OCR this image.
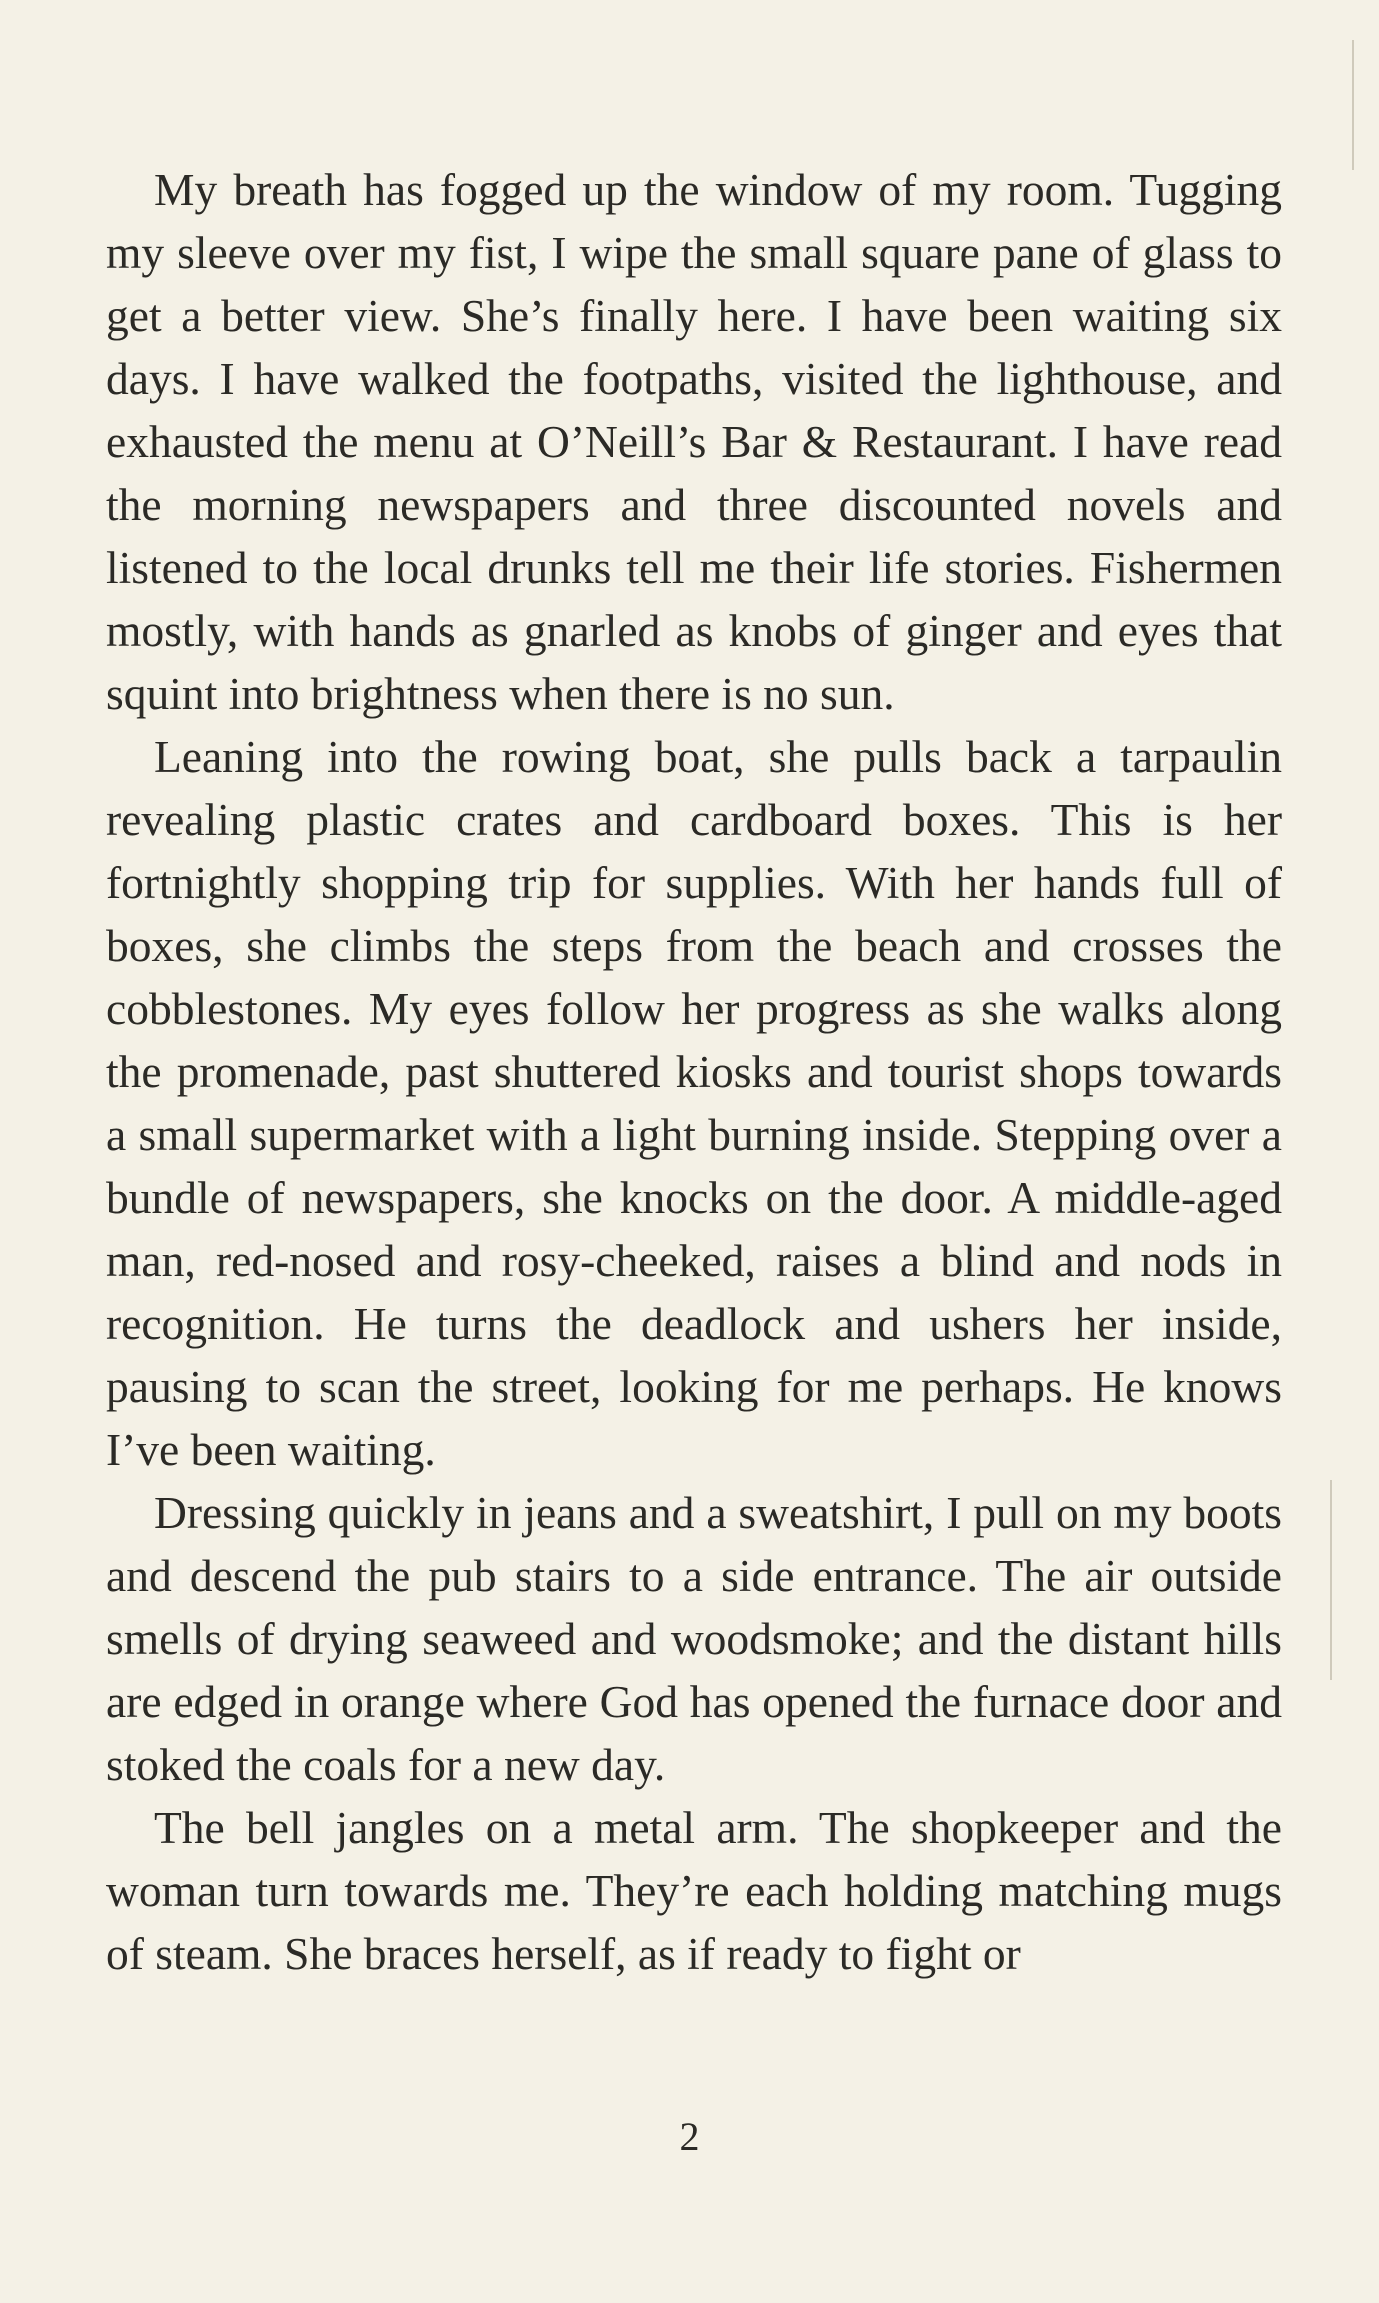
My breath has fogged up the window of my room. Tugging my sleeve over my fist, I wipe the small square pane of glass to get a better view. She’s finally here. I have been waiting six days. I have walked the footpaths, visited the lighthouse, and exhausted the menu at O’Neill’s Bar & Restaurant. I have read the morning newspapers and three discounted novels and listened to the local drunks tell me their life stories. Fishermen mostly, with hands as gnarled as knobs of ginger and eyes that squint into brightness when there is no sun.

Leaning into the rowing boat, she pulls back a tarpaulin revealing plastic crates and cardboard boxes. This is her fortnightly shopping trip for supplies. With her hands full of boxes, she climbs the steps from the beach and crosses the cobblestones. My eyes follow her progress as she walks along the promenade, past shuttered kiosks and tourist shops towards a small supermarket with a light burning inside. Stepping over a bundle of newspapers, she knocks on the door. A middle-aged man, red-nosed and rosy-cheeked, raises a blind and nods in recognition. He turns the deadlock and ushers her inside, pausing to scan the street, looking for me perhaps. He knows I’ve been waiting.

Dressing quickly in jeans and a sweatshirt, I pull on my boots and descend the pub stairs to a side entrance. The air outside smells of drying seaweed and woodsmoke; and the distant hills are edged in orange where God has opened the furnace door and stoked the coals for a new day.

The bell jangles on a metal arm. The shopkeeper and the woman turn towards me. They’re each holding matching mugs of steam. She braces herself, as if ready to fight or

2
